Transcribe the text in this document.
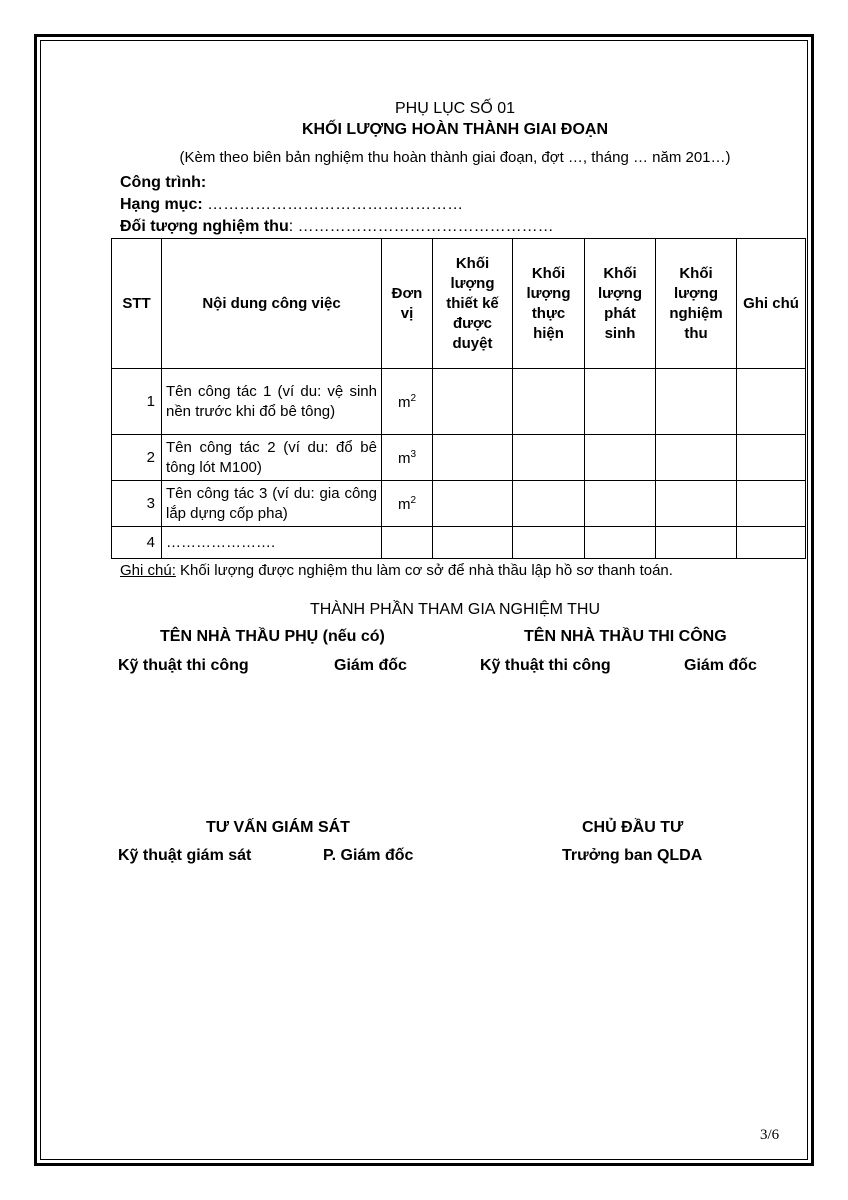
PHỤ LỤC SỐ 01
KHỐI LƯỢNG HOÀN THÀNH GIAI ĐOẠN
(Kèm theo biên bản nghiệm thu hoàn thành giai đoạn, đợt …, tháng … năm 201…)
Công trình:
Hạng mục: …………………………………………
Đối tượng nghiệm thu: …………………………………………
STT	Nội dung công việc	Đơn vị	Khối lượng thiết kế được duyệt	Khối lượng thực hiện	Khối lượng phát sinh	Khối lượng nghiệm thu	Ghi chú
1	Tên công tác 1 (ví du: vệ sinh nền trước khi đổ bê tông)	$m^2$					
2	Tên công tác 2 (ví du: đổ bê tông lót M100)	$m^3$					
3	Tên công tác 3 (ví du: gia công lắp dựng cốp pha)	$m^2$					
4	………………….						
Ghi chú: Khối lượng được nghiệm thu làm cơ sở để nhà thầu lập hồ sơ thanh toán.
THÀNH PHẦN THAM GIA NGHIỆM THU
TÊN NHÀ THẦU PHỤ (nếu có)	TÊN NHÀ THẦU THI CÔNG
Kỹ thuật thi công	Giám đốc	Kỹ thuật thi công	Giám đốc
TƯ VẤN GIÁM SÁT	CHỦ ĐẦU TƯ
Kỹ thuật giám sát	P. Giám đốc	Trưởng ban QLDA
3/6
